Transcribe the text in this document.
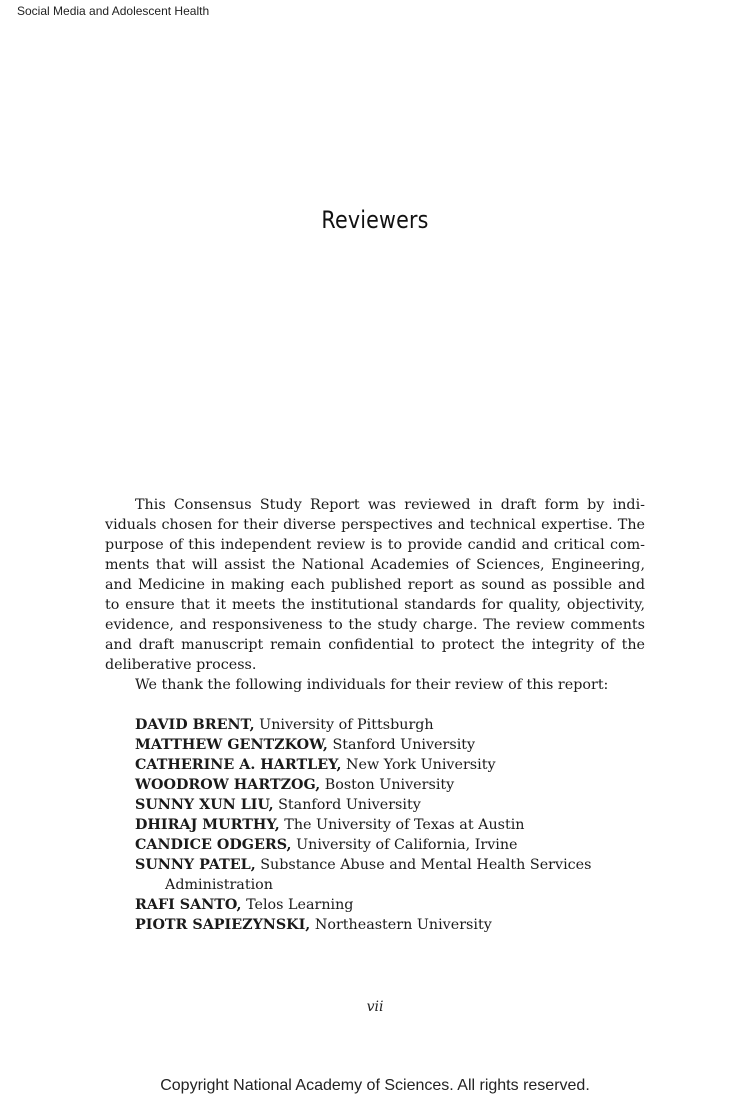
Social Media and Adolescent Health
Reviewers

This Consensus Study Report was reviewed in draft form by individuals chosen for their diverse perspectives and technical expertise. The purpose of this independent review is to provide candid and critical comments that will assist the National Academies of Sciences, Engineering, and Medicine in making each published report as sound as possible and to ensure that it meets the institutional standards for quality, objectivity, evidence, and responsiveness to the study charge. The review comments and draft manuscript remain confidential to protect the integrity of the deliberative process.

We thank the following individuals for their review of this report:

DAVID BRENT, University of Pittsburgh
MATTHEW GENTZKOW, Stanford University
CATHERINE A. HARTLEY, New York University
WOODROW HARTZOG, Boston University
SUNNY XUN LIU, Stanford University
DHIRAJ MURTHY, The University of Texas at Austin
CANDICE ODGERS, University of California, Irvine
SUNNY PATEL, Substance Abuse and Mental Health Services Administration
RAFI SANTO, Telos Learning
PIOTR SAPIEZYNSKI, Northeastern University
vii
Copyright National Academy of Sciences. All rights reserved.
